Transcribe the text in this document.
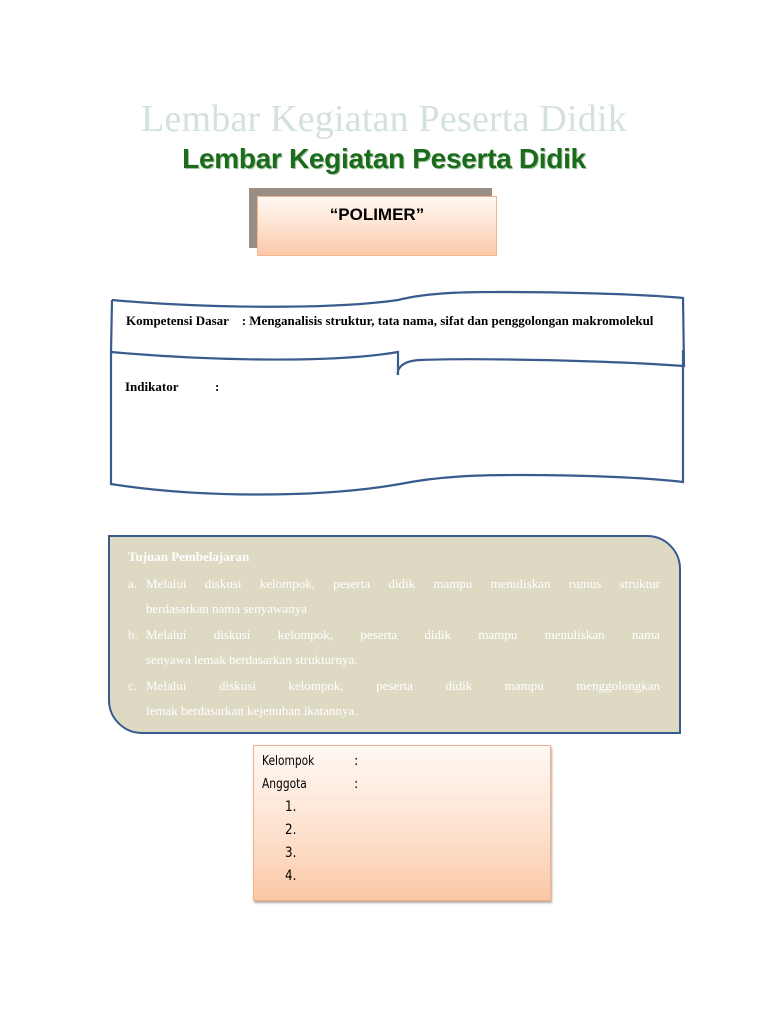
Lembar Kegiatan Peserta Didik
Lembar Kegiatan Peserta Didik
“POLIMER”
Kompetensi Dasar : Menganalisis struktur, tata nama, sifat dan penggolongan makromolekul
Indikator	:
Tujuan Pembelajaran
a. Melalui diskusi kelompok, peserta didik mampu menuliskan rumus struktur
berdasarkan nama senyawanya
b. Melalui diskusi kelompok, peserta didik mampu menuliskan nama
senyawa lemak berdasarkan strukturnya.
c. Melalui diskusi kelompok, peserta didik mampu menggolongkan
lemak berdasarkan kejenuhan ikatannya.
Kelompok	:
Anggota	:
1.
2.
3.
4.
